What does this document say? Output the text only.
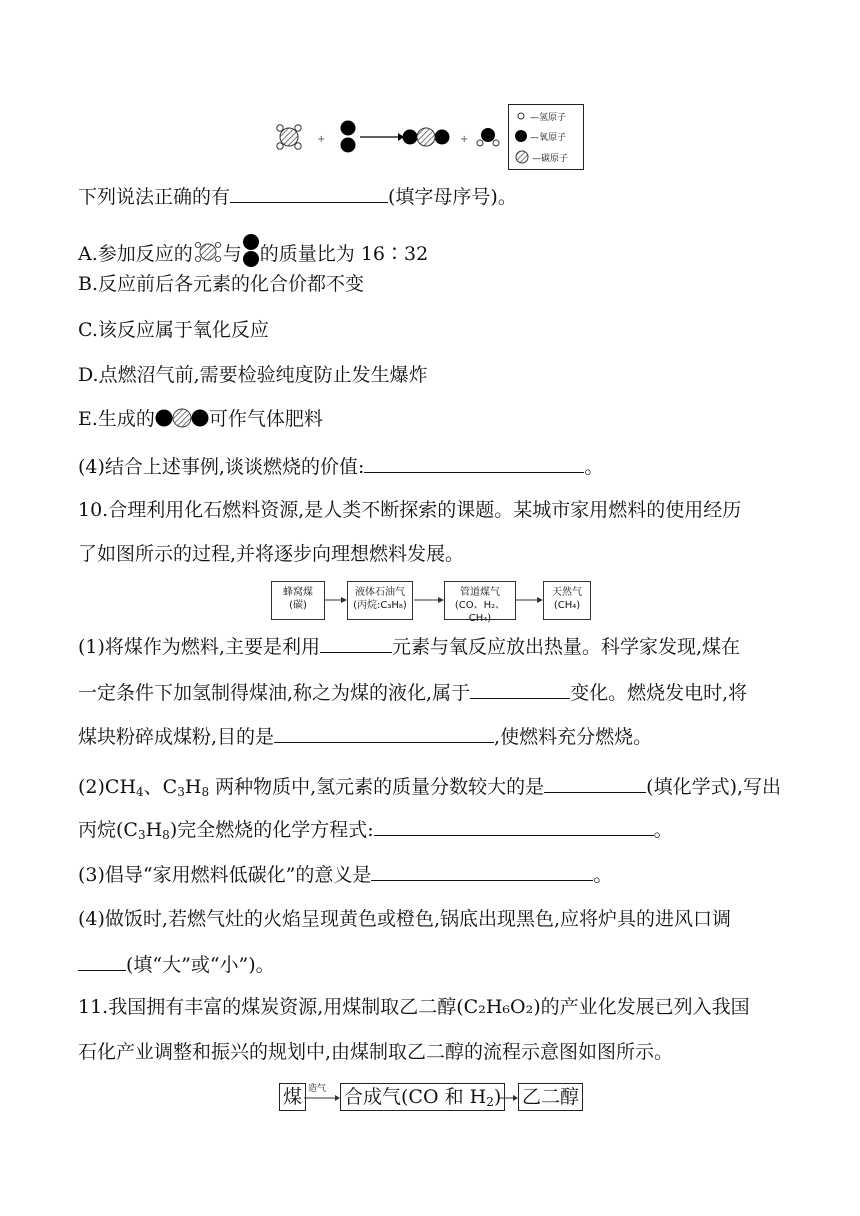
+	+
—氢原子
—氧原子
—碳原子
下列说法正确的有	(填字母序号)。
A.参加反应的 与 的质量比为 16∶32
B.反应前后各元素的化合价都不变
C.该反应属于氧化反应
D.点燃沼气前,需要检验纯度防止发生爆炸
E.生成的	可作气体肥料
(4)结合上述事例,谈谈燃烧的价值:	。
10.合理利用化石燃料资源,是人类不断探索的课题。某城市家用燃料的使用经历
了如图所示的过程,并将逐步向理想燃料发展。
蜂窝煤
(碳)
液体石油气
(丙烷:C₃H₈)
管道煤气
(CO、H₂、CH₄)
天然气
(CH₄)
(1)将煤作为燃料,主要是利用	元素与氧反应放出热量。科学家发现,煤在
一定条件下加氢制得煤油,称之为煤的液化,属于	变化。燃烧发电时,将
煤块粉碎成煤粉,目的是	,使燃料充分燃烧。
$(2)CH_4$、$C_3H_8$ 两种物质中,氢元素的质量分数较大的是	(填化学式),写出
丙烷$(C_3H_8)$完全燃烧的化学方程式:	。
(3)倡导“家用燃料低碳化”的意义是	。
(4)做饭时,若燃气灶的火焰呈现黄色或橙色,锅底出现黑色,应将炉具的进风口调
(填“大”或“小”)。
11.我国拥有丰富的煤炭资源,用煤制取乙二醇(C₂H₆O₂)的产业化发展已列入我国
石化产业调整和振兴的规划中,由煤制取乙二醇的流程示意图如图所示。
煤 造气 合成气(CO 和 $H_2$) 乙二醇
